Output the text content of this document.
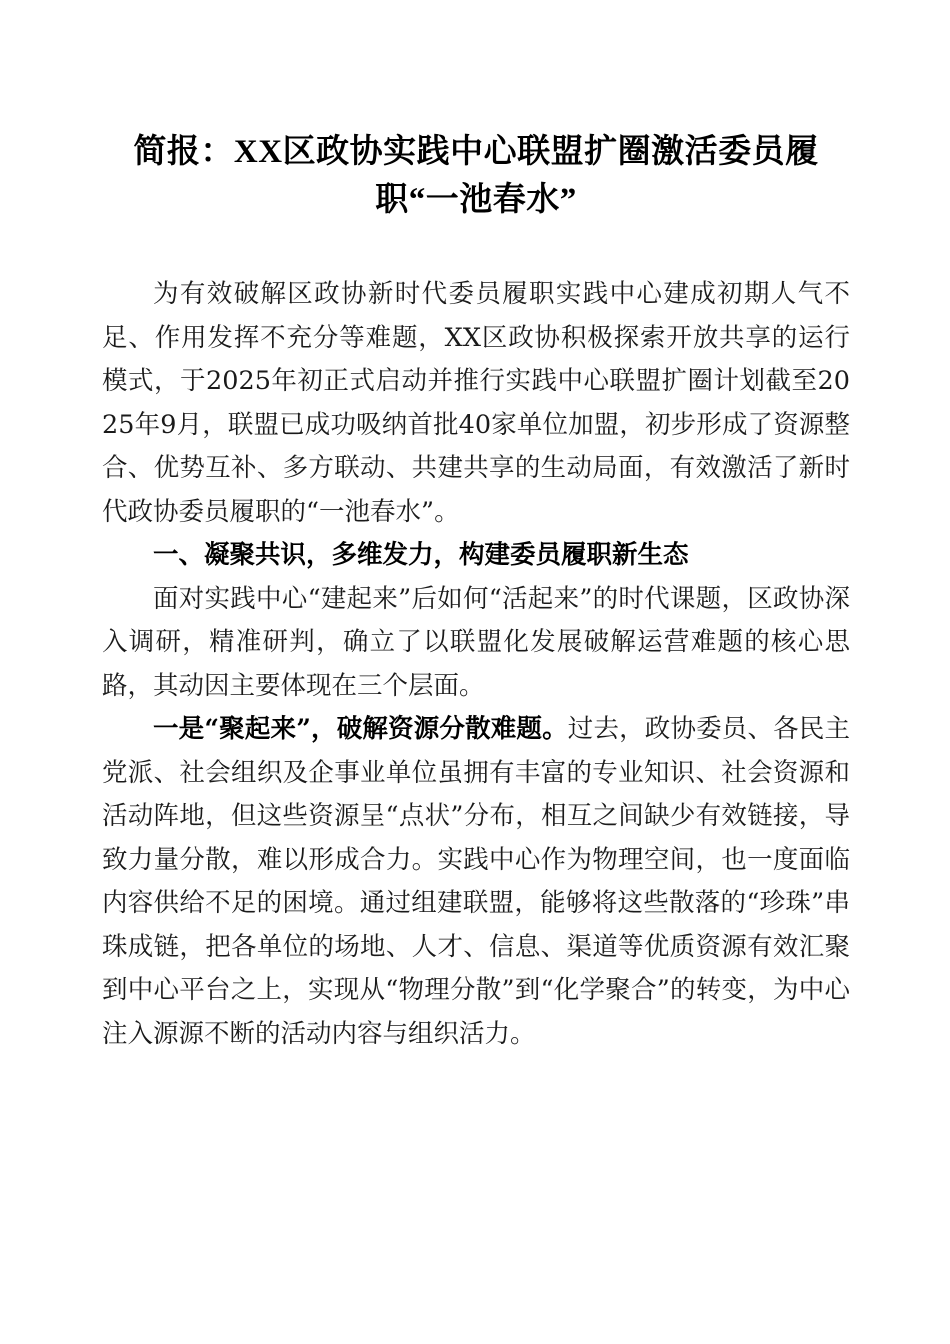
简报：XX区政协实践中心联盟扩圈激活委员履职“一池春水”

为有效破解区政协新时代委员履职实践中心建成初期人气不足、作用发挥不充分等难题，XX区政协积极探索开放共享的运行模式，于2025年初正式启动并推行实践中心联盟扩圈计划截至2025年9月，联盟已成功吸纳首批40家单位加盟，初步形成了资源整合、优势互补、多方联动、共建共享的生动局面，有效激活了新时代政协委员履职的“一池春水”。

一、凝聚共识，多维发力，构建委员履职新生态

面对实践中心“建起来”后如何“活起来”的时代课题，区政协深入调研，精准研判，确立了以联盟化发展破解运营难题的核心思路，其动因主要体现在三个层面。

一是“聚起来”，破解资源分散难题。过去，政协委员、各民主党派、社会组织及企事业单位虽拥有丰富的专业知识、社会资源和活动阵地，但这些资源呈“点状”分布，相互之间缺少有效链接，导致力量分散，难以形成合力。实践中心作为物理空间，也一度面临内容供给不足的困境。通过组建联盟，能够将这些散落的“珍珠”串珠成链，把各单位的场地、人才、信息、渠道等优质资源有效汇聚到中心平台之上，实现从“物理分散”到“化学聚合”的转变，为中心注入源源不断的活动内容与组织活力。
